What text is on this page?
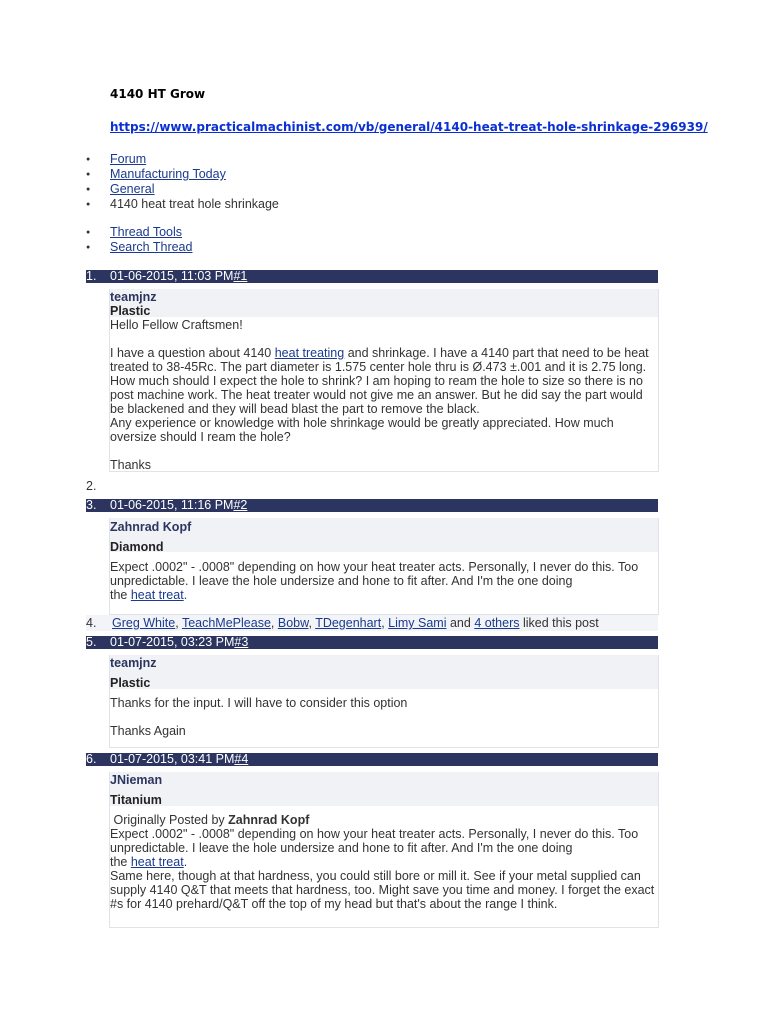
4140 HT Grow
https://www.practicalmachinist.com/vb/general/4140-heat-treat-hole-shrinkage-296939/
● Forum
● Manufacturing Today
● General
● 4140 heat treat hole shrinkage
● Thread Tools
● Search Thread
1.	01-06-2015, 11:03 PM#1
teamjnz
Plastic
Hello Fellow Craftsmen!
I have a question about 4140 heat treating and shrinkage. I have a 4140 part that need to be heat treated to 38-45Rc. The part diameter is 1.575 center hole thru is Ø.473 ±.001 and it is 2.75 long. How much should I expect the hole to shrink? I am hoping to ream the hole to size so there is no post machine work. The heat treater would not give me an answer. But he did say the part would be blackened and they will bead blast the part to remove the black.
Any experience or knowledge with hole shrinkage would be greatly appreciated. How much oversize should I ream the hole?
Thanks
2.
3.	01-06-2015, 11:16 PM#2
Zahnrad Kopf
Diamond
Expect .0002" - .0008" depending on how your heat treater acts. Personally, I never do this. Too unpredictable. I leave the hole undersize and hone to fit after. And I'm the one doing
the heat treat.
4. Greg White, TeachMePlease, Bobw, TDegenhart, Limy Sami and 4 others liked this post
5.	01-07-2015, 03:23 PM#3
teamjnz
Plastic
Thanks for the input. I will have to consider this option
Thanks Again
6.	01-07-2015, 03:41 PM#4
JNieman
Titanium
Originally Posted by Zahnrad Kopf
Expect .0002" - .0008" depending on how your heat treater acts. Personally, I never do this. Too unpredictable. I leave the hole undersize and hone to fit after. And I'm the one doing
the heat treat.
Same here, though at that hardness, you could still bore or mill it. See if your metal supplied can supply 4140 Q&T that meets that hardness, too. Might save you time and money. I forget the exact #s for 4140 prehard/Q&T off the top of my head but that's about the range I think.
